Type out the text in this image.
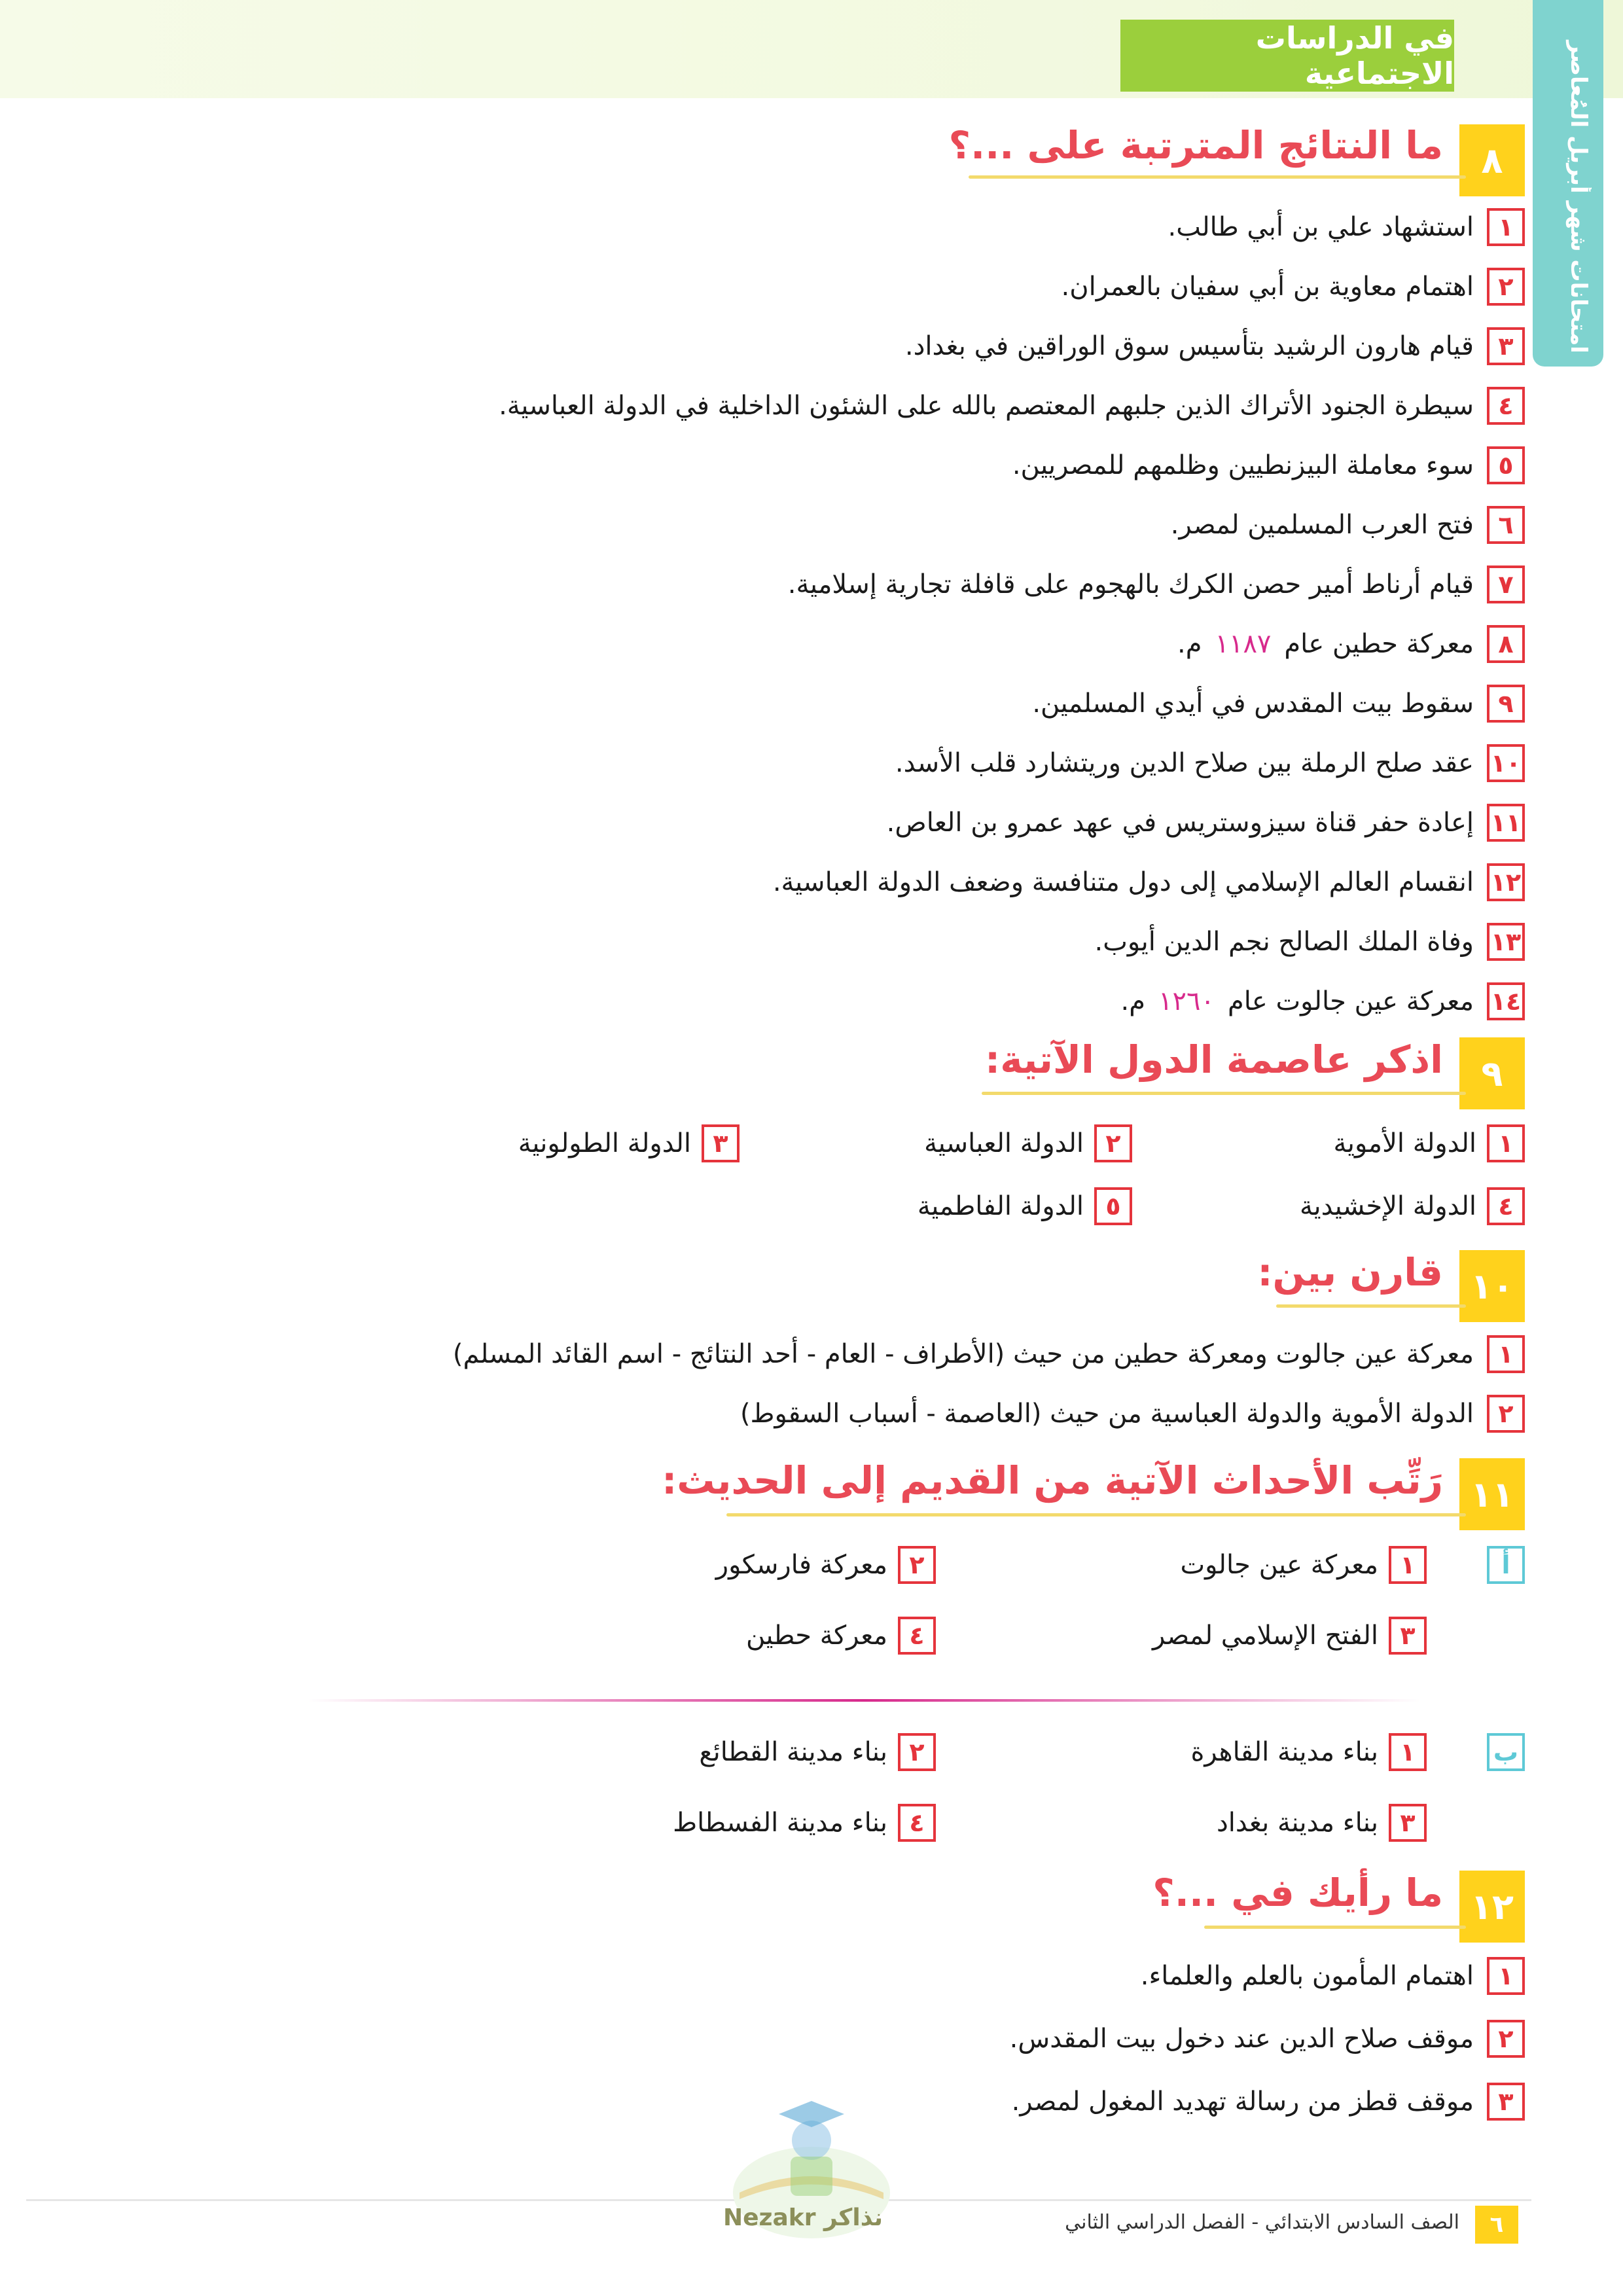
في الدراسات الاجتماعية	امتحانات شهر أبريل المُعاصر
٨
ما النتائج المترتبة على ...؟
١
استشهاد علي بن أبي طالب.
٢
اهتمام معاوية بن أبي سفيان بالعمران.
٣
قيام هارون الرشيد بتأسيس سوق الوراقين في بغداد.
٤
سيطرة الجنود الأتراك الذين جلبهم المعتصم بالله على الشئون الداخلية في الدولة العباسية.
٥
سوء معاملة البيزنطيين وظلمهم للمصريين.
٦
فتح العرب المسلمين لمصر.
٧
قيام أرناط أمير حصن الكرك بالهجوم على قافلة تجارية إسلامية.
٨
معركة حطين عام
١١٨٧
م.
٩
سقوط بيت المقدس في أيدي المسلمين.
١٠
عقد صلح الرملة بين صلاح الدين وريتشارد قلب الأسد.
١١
إعادة حفر قناة سيزوستريس في عهد عمرو بن العاص.
١٢
انقسام العالم الإسلامي إلى دول متنافسة وضعف الدولة العباسية.
١٣
وفاة الملك الصالح نجم الدين أيوب.
١٤
معركة عين جالوت عام
١٢٦٠
م.
٩
اذكر عاصمة الدول الآتية:
١
الدولة الأموية
٢
الدولة العباسية
٣
الدولة الطولونية
٤
الدولة الإخشيدية
٥
الدولة الفاطمية
١٠
قارن بين:
١
معركة عين جالوت ومعركة حطين من حيث (الأطراف - العام - أحد النتائج - اسم القائد المسلم)
٢
الدولة الأموية والدولة العباسية من حيث (العاصمة - أسباب السقوط)
١١
رَتِّب الأحداث الآتية من القديم إلى الحديث:
أ
١
معركة عين جالوت
٢
معركة فارسكور
٣
الفتح الإسلامي لمصر
٤
معركة حطين
ب
١
بناء مدينة القاهرة
٢
بناء مدينة القطائع
٣
بناء مدينة بغداد
٤
بناء مدينة الفسطاط
١٢
ما رأيك في ...؟
١
اهتمام المأمون بالعلم والعلماء.
٢
موقف صلاح الدين عند دخول بيت المقدس.
٣
موقف قطز من رسالة تهديد المغول لمصر.
Nezakr نذاكر	٦
الصف السادس الابتدائي - الفصل الدراسي الثاني
